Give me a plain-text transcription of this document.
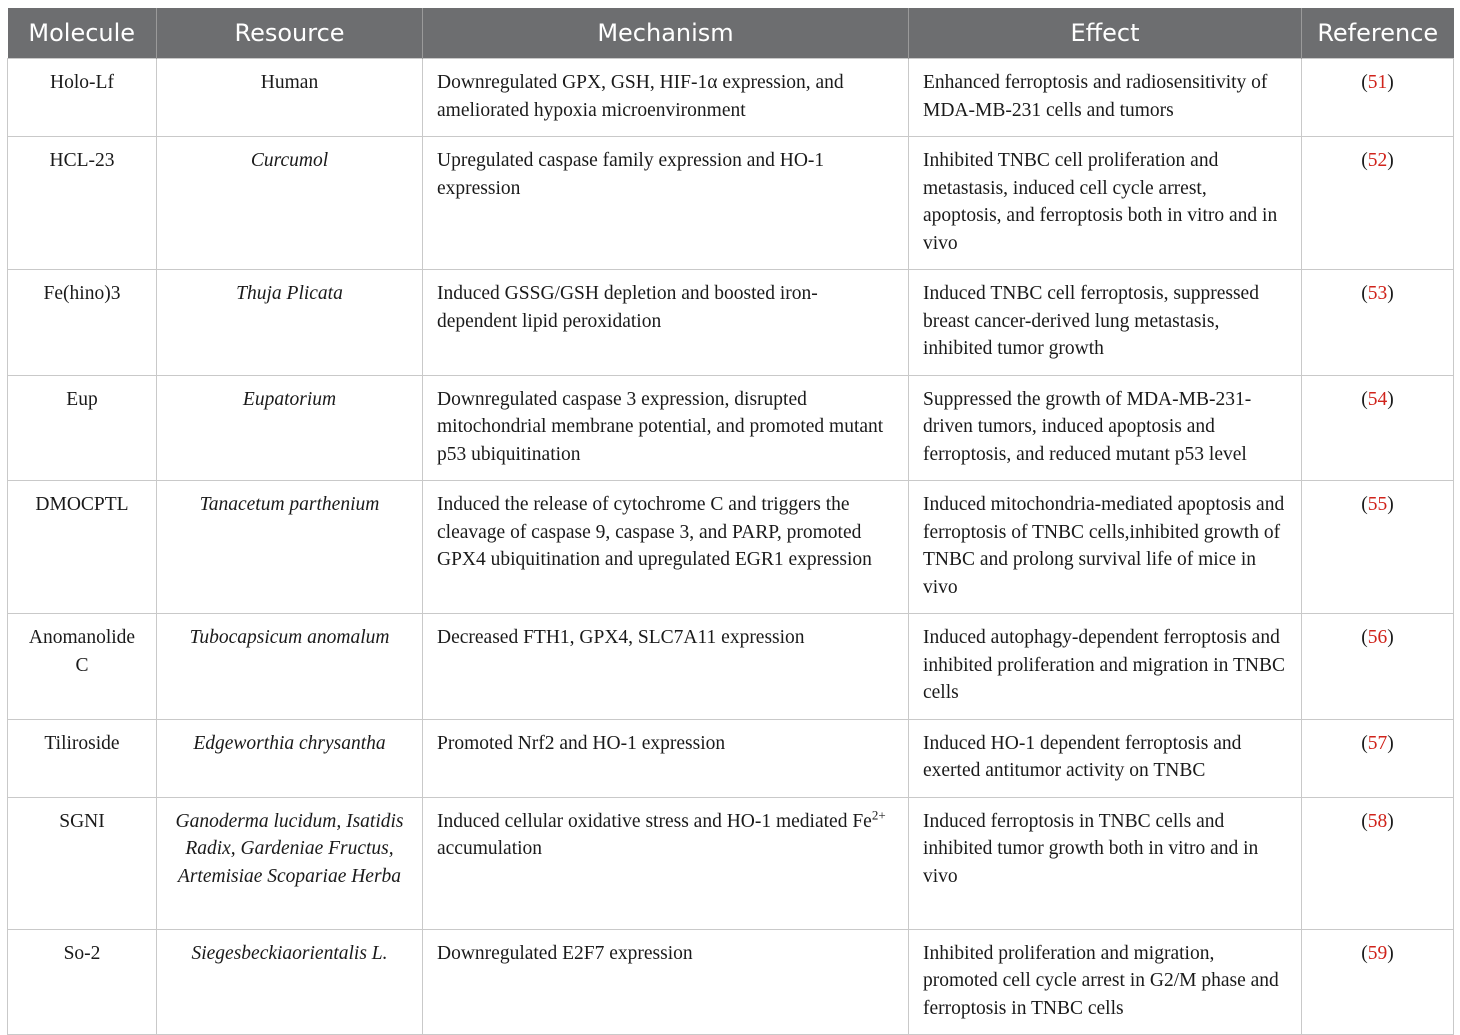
Molecule	Resource	Mechanism	Effect	Reference
Holo-Lf	Human	Downregulated GPX, GSH, HIF-1α expression, and ameliorated hypoxia microenvironment	Enhanced ferroptosis and radiosensitivity of MDA-MB-231 cells and tumors	(51)
HCL-23	Curcumol	Upregulated caspase family expression and HO-1 expression	Inhibited TNBC cell proliferation and metastasis, induced cell cycle arrest, apoptosis, and ferroptosis both in vitro and in vivo	(52)
Fe(hino)3	Thuja Plicata	Induced GSSG/GSH depletion and boosted iron-dependent lipid peroxidation	Induced TNBC cell ferroptosis, suppressed breast cancer-derived lung metastasis, inhibited tumor growth	(53)
Eup	Eupatorium	Downregulated caspase 3 expression, disrupted mitochondrial membrane potential, and promoted mutant p53 ubiquitination	Suppressed the growth of MDA-MB-231-driven tumors, induced apoptosis and ferroptosis, and reduced mutant p53 level	(54)
DMOCPTL	Tanacetum parthenium	Induced the release of cytochrome C and triggers the cleavage of caspase 9, caspase 3, and PARP, promoted GPX4 ubiquitination and upregulated EGR1 expression	Induced mitochondria-mediated apoptosis and ferroptosis of TNBC cells,inhibited growth of TNBC and prolong survival life of mice in vivo	(55)
Anomanolide C	Tubocapsicum anomalum	Decreased FTH1, GPX4, SLC7A11 expression	Induced autophagy-dependent ferroptosis and inhibited proliferation and migration in TNBC cells	(56)
Tiliroside	Edgeworthia chrysantha	Promoted Nrf2 and HO-1 expression	Induced HO-1 dependent ferroptosis and exerted antitumor activity on TNBC	(57)
SGNI	Ganoderma lucidum, Isatidis Radix, Gardeniae Fructus, Artemisiae Scopariae Herba	Induced cellular oxidative stress and HO-1 mediated $Fe^{2+}$ accumulation	Induced ferroptosis in TNBC cells and inhibited tumor growth both in vitro and in vivo	(58)
So-2	Siegesbeckiaorientalis L.	Downregulated E2F7 expression	Inhibited proliferation and migration, promoted cell cycle arrest in G2/M phase and ferroptosis in TNBC cells	(59)
